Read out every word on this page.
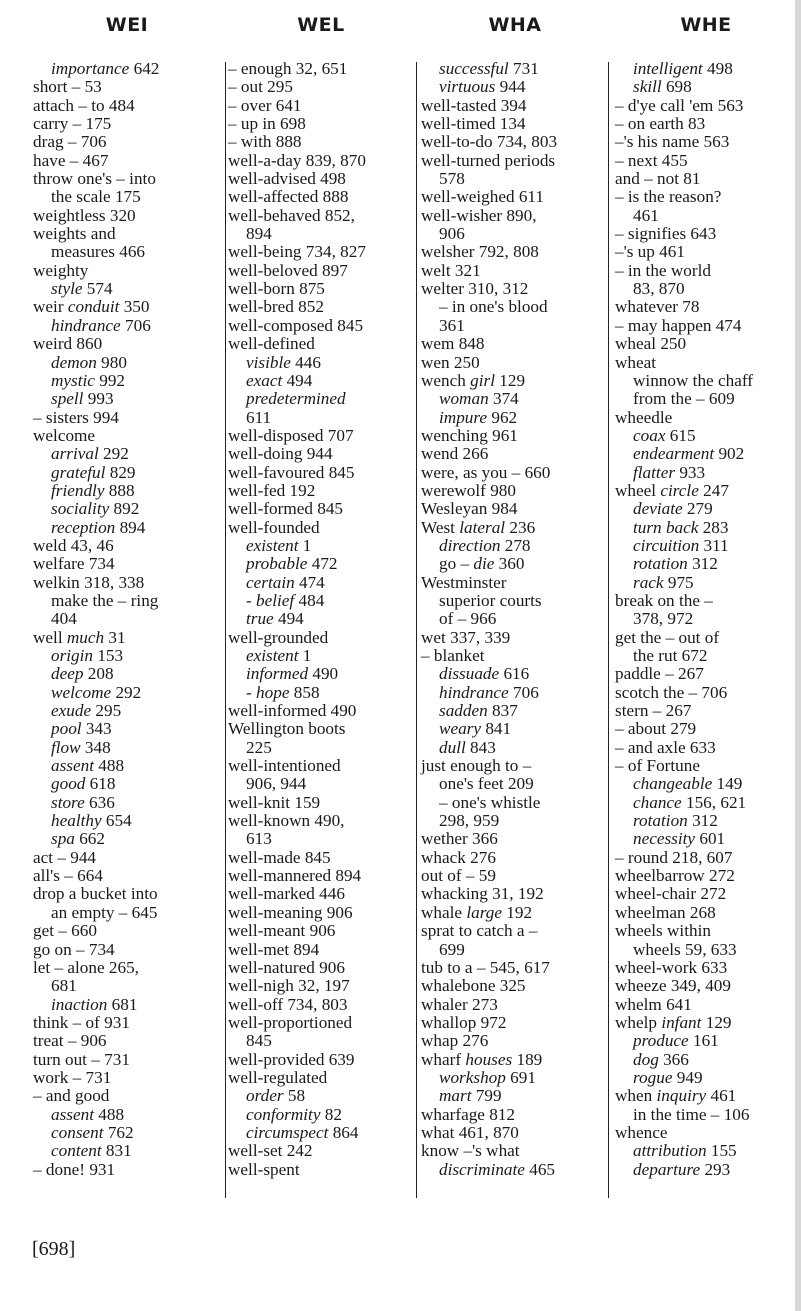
WEI	WEL	WHA	WHE
importance 642
short – 53
attach – to 484
carry – 175
drag – 706
have – 467
throw one's – into
the scale 175
weightless 320
weights and
measures 466
weighty
style 574
weir conduit 350
hindrance 706
weird 860
demon 980
mystic 992
spell 993
– sisters 994
welcome
arrival 292
grateful 829
friendly 888
sociality 892
reception 894
weld 43, 46
welfare 734
welkin 318, 338
make the – ring
404
well much 31
origin 153
deep 208
welcome 292
exude 295
pool 343
flow 348
assent 488
good 618
store 636
healthy 654
spa 662
act – 944
all's – 664
drop a bucket into
an empty – 645
get – 660
go on – 734
let – alone 265,
681
inaction 681
think – of 931
treat – 906
turn out – 731
work – 731
– and good
assent 488
consent 762
content 831
– done! 931
– enough 32, 651
– out 295
– over 641
– up in 698
– with 888
well-a-day 839, 870
well-advised 498
well-affected 888
well-behaved 852,
894
well-being 734, 827
well-beloved 897
well-born 875
well-bred 852
well-composed 845
well-defined
visible 446
exact 494
predetermined
611
well-disposed 707
well-doing 944
well-favoured 845
well-fed 192
well-formed 845
well-founded
existent 1
probable 472
certain 474
- belief 484
true 494
well-grounded
existent 1
informed 490
- hope 858
well-informed 490
Wellington boots
225
well-intentioned
906, 944
well-knit 159
well-known 490,
613
well-made 845
well-mannered 894
well-marked 446
well-meaning 906
well-meant 906
well-met 894
well-natured 906
well-nigh 32, 197
well-off 734, 803
well-proportioned
845
well-provided 639
well-regulated
order 58
conformity 82
circumspect 864
well-set 242
well-spent
successful 731
virtuous 944
well-tasted 394
well-timed 134
well-to-do 734, 803
well-turned periods
578
well-weighed 611
well-wisher 890,
906
welsher 792, 808
welt 321
welter 310, 312
– in one's blood
361
wem 848
wen 250
wench girl 129
woman 374
impure 962
wenching 961
wend 266
were, as you – 660
werewolf 980
Wesleyan 984
West lateral 236
direction 278
go – die 360
Westminster
superior courts
of – 966
wet 337, 339
– blanket
dissuade 616
hindrance 706
sadden 837
weary 841
dull 843
just enough to –
one's feet 209
– one's whistle
298, 959
wether 366
whack 276
out of – 59
whacking 31, 192
whale large 192
sprat to catch a –
699
tub to a – 545, 617
whalebone 325
whaler 273
whallop 972
whap 276
wharf houses 189
workshop 691
mart 799
wharfage 812
what 461, 870
know –'s what
discriminate 465
intelligent 498
skill 698
– d'ye call 'em 563
– on earth 83
–'s his name 563
– next 455
and – not 81
– is the reason?
461
– signifies 643
–'s up 461
– in the world
83, 870
whatever 78
– may happen 474
wheal 250
wheat
winnow the chaff
from the – 609
wheedle
coax 615
endearment 902
flatter 933
wheel circle 247
deviate 279
turn back 283
circuition 311
rotation 312
rack 975
break on the –
378, 972
get the – out of
the rut 672
paddle – 267
scotch the – 706
stern – 267
– about 279
– and axle 633
– of Fortune
changeable 149
chance 156, 621
rotation 312
necessity 601
– round 218, 607
wheelbarrow 272
wheel-chair 272
wheelman 268
wheels within
wheels 59, 633
wheel-work 633
wheeze 349, 409
whelm 641
whelp infant 129
produce 161
dog 366
rogue 949
when inquiry 461
in the time – 106
whence
attribution 155
departure 293
[698]
